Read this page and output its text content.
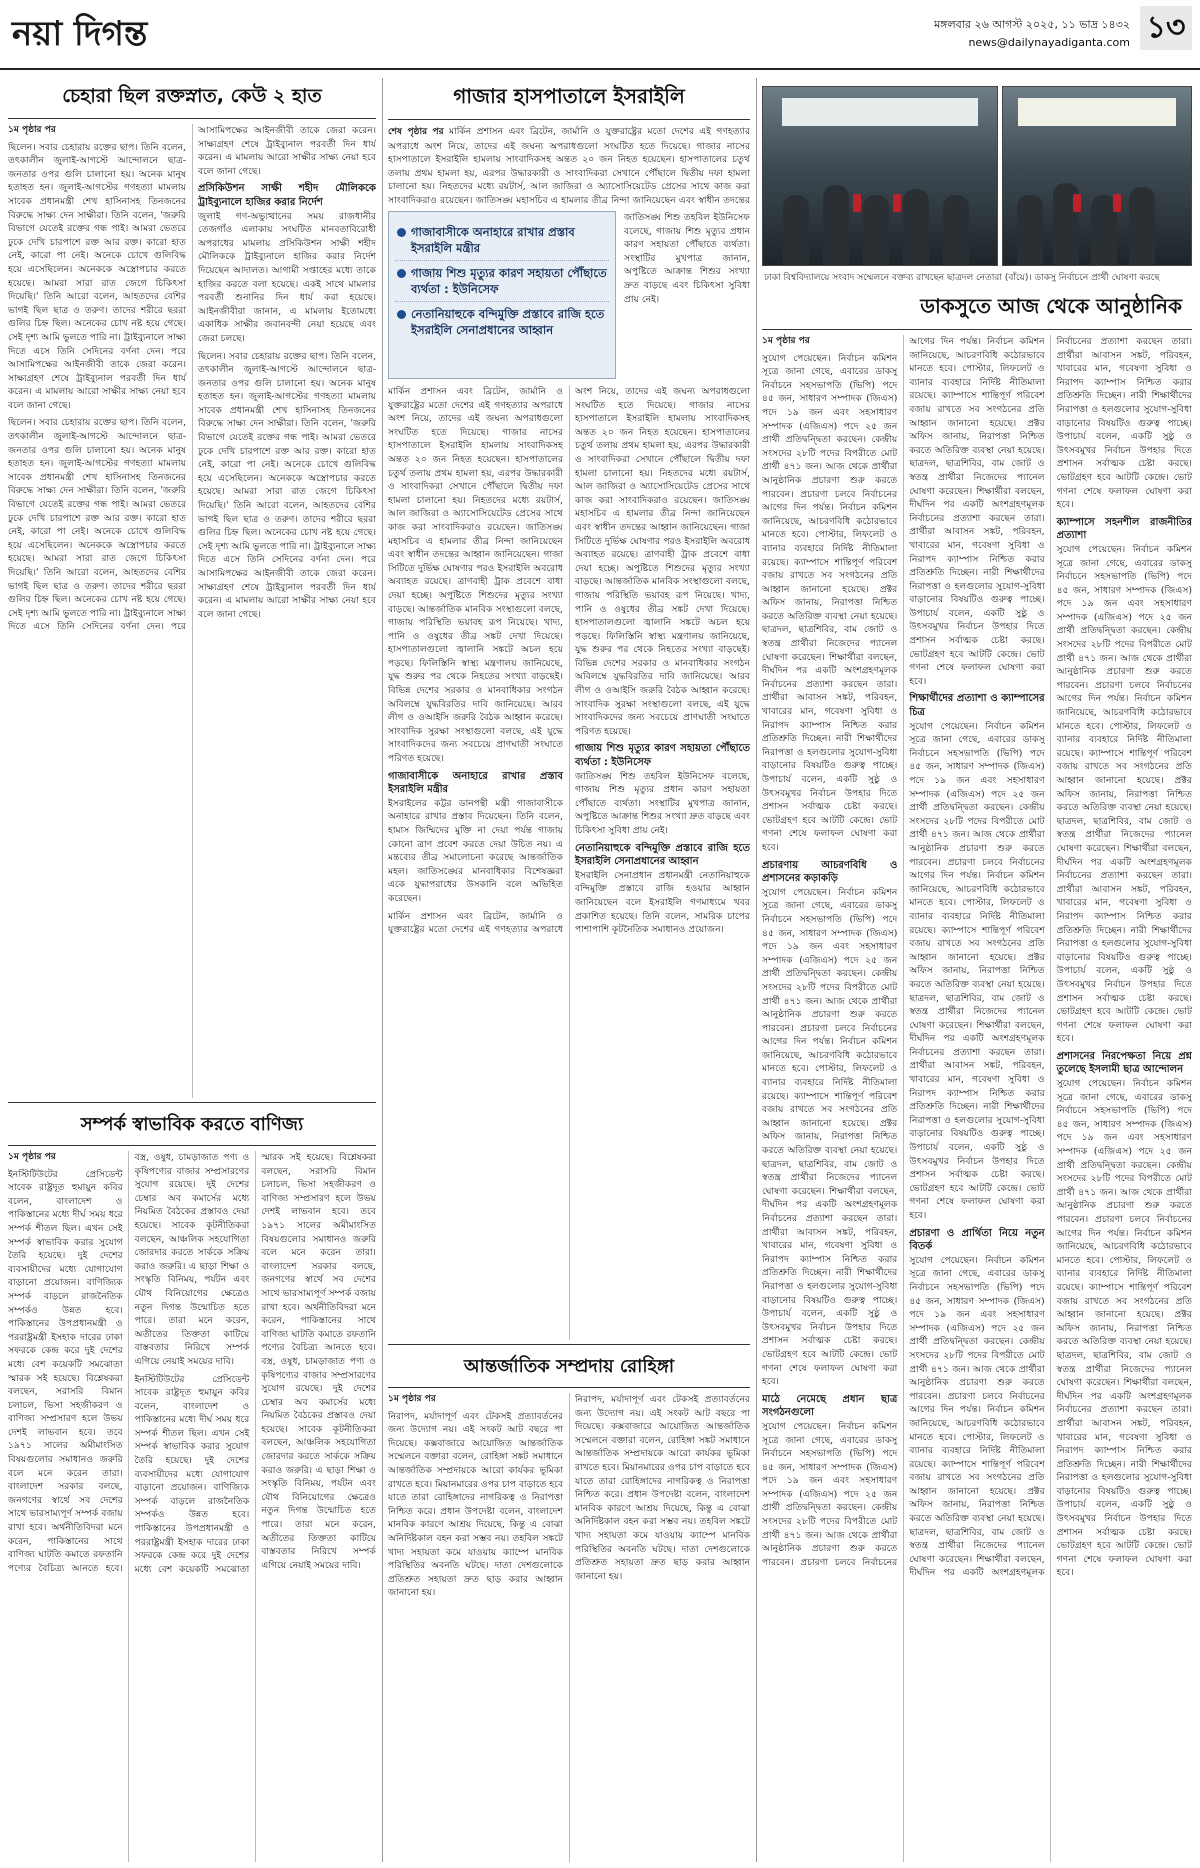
নয়া দিগন্ত	মঙ্গলবার ২৬ আগস্ট ২০২৫, ১১ ভাদ্র ১৪৩২
news@dailynayadiganta.com ১৩
চেহারা ছিল রক্তস্নাত, কেউ ২ হাত
১ম পৃষ্ঠার পর

ছিলেন। সবার চেহারায় রক্তের ছাপ। তিনি বলেন, তৎকালীন জুলাই-আগস্টে আন্দোলনে ছাত্র-জনতার ওপর গুলি চালানো হয়। অনেক মানুষ হতাহত হন। জুলাই-আগস্টের গণহত্যা মামলায় সাবেক প্রধানমন্ত্রী শেখ হাসিনাসহ তিনজনের বিরুদ্ধে সাক্ষ্য দেন সাক্ষীরা। তিনি বলেন, 'জরুরি বিভাগে যেতেই রক্তের গন্ধ পাই। আমরা ভেতরে ঢুকে দেখি চারপাশে রক্ত আর রক্ত। কারো হাত নেই, কারো পা নেই। অনেকে চোখে গুলিবিদ্ধ হয়ে এসেছিলেন। অনেককে অস্ত্রোপচার করতে হয়েছে। আমরা সারা রাত জেগে চিকিৎসা দিয়েছি।' তিনি আরো বলেন, আহতদের বেশির ভাগই ছিল ছাত্র ও তরুণ। তাদের শরীরে ছররা গুলির চিহ্ন ছিল। অনেকের চোখ নষ্ট হয়ে গেছে। সেই দৃশ্য আমি ভুলতে পারি না। ট্রাইব্যুনালে সাক্ষ্য দিতে এসে তিনি সেদিনের বর্ণনা দেন। পরে আসামিপক্ষের আইনজীবী তাকে জেরা করেন। সাক্ষ্যগ্রহণ শেষে ট্রাইব্যুনাল পরবর্তী দিন ধার্য করেন। এ মামলায় আরো সাক্ষীর সাক্ষ্য নেয়া হবে বলে জানা গেছে।

ছিলেন। সবার চেহারায় রক্তের ছাপ। তিনি বলেন, তৎকালীন জুলাই-আগস্টে আন্দোলনে ছাত্র-জনতার ওপর গুলি চালানো হয়। অনেক মানুষ হতাহত হন। জুলাই-আগস্টের গণহত্যা মামলায় সাবেক প্রধানমন্ত্রী শেখ হাসিনাসহ তিনজনের বিরুদ্ধে সাক্ষ্য দেন সাক্ষীরা। তিনি বলেন, 'জরুরি বিভাগে যেতেই রক্তের গন্ধ পাই। আমরা ভেতরে ঢুকে দেখি চারপাশে রক্ত আর রক্ত। কারো হাত নেই, কারো পা নেই। অনেকে চোখে গুলিবিদ্ধ হয়ে এসেছিলেন। অনেককে অস্ত্রোপচার করতে হয়েছে। আমরা সারা রাত জেগে চিকিৎসা দিয়েছি।' তিনি আরো বলেন, আহতদের বেশির ভাগই ছিল ছাত্র ও তরুণ। তাদের শরীরে ছররা গুলির চিহ্ন ছিল। অনেকের চোখ নষ্ট হয়ে গেছে। সেই দৃশ্য আমি ভুলতে পারি না। ট্রাইব্যুনালে সাক্ষ্য দিতে এসে তিনি সেদিনের বর্ণনা দেন। পরে আসামিপক্ষের আইনজীবী তাকে জেরা করেন। সাক্ষ্যগ্রহণ শেষে ট্রাইব্যুনাল পরবর্তী দিন ধার্য করেন। এ মামলায় আরো সাক্ষীর সাক্ষ্য নেয়া হবে বলে জানা গেছে।

প্রসিকিউশন সাক্ষী শহীদ মৌলিককে ট্রাইব্যুনালে হাজির করার নির্দেশ

জুলাই গণ-অভ্যুত্থানের সময় রাজধানীর তেজগাঁও এলাকায় সংঘটিত মানবতাবিরোধী অপরাধের মামলায় প্রসিকিউশন সাক্ষী শহীদ মৌলিককে ট্রাইব্যুনালে হাজির করার নির্দেশ দিয়েছেন আদালত। আগামী সপ্তাহের মধ্যে তাকে হাজির করতে বলা হয়েছে। একই সাথে মামলার পরবর্তী শুনানির দিন ধার্য করা হয়েছে। আইনজীবীরা জানান, এ মামলায় ইতোমধ্যে একাধিক সাক্ষীর জবানবন্দী নেয়া হয়েছে এবং জেরা চলছে।

ছিলেন। সবার চেহারায় রক্তের ছাপ। তিনি বলেন, তৎকালীন জুলাই-আগস্টে আন্দোলনে ছাত্র-জনতার ওপর গুলি চালানো হয়। অনেক মানুষ হতাহত হন। জুলাই-আগস্টের গণহত্যা মামলায় সাবেক প্রধানমন্ত্রী শেখ হাসিনাসহ তিনজনের বিরুদ্ধে সাক্ষ্য দেন সাক্ষীরা। তিনি বলেন, 'জরুরি বিভাগে যেতেই রক্তের গন্ধ পাই। আমরা ভেতরে ঢুকে দেখি চারপাশে রক্ত আর রক্ত। কারো হাত নেই, কারো পা নেই। অনেকে চোখে গুলিবিদ্ধ হয়ে এসেছিলেন। অনেককে অস্ত্রোপচার করতে হয়েছে। আমরা সারা রাত জেগে চিকিৎসা দিয়েছি।' তিনি আরো বলেন, আহতদের বেশির ভাগই ছিল ছাত্র ও তরুণ। তাদের শরীরে ছররা গুলির চিহ্ন ছিল। অনেকের চোখ নষ্ট হয়ে গেছে। সেই দৃশ্য আমি ভুলতে পারি না। ট্রাইব্যুনালে সাক্ষ্য দিতে এসে তিনি সেদিনের বর্ণনা দেন। পরে আসামিপক্ষের আইনজীবী তাকে জেরা করেন। সাক্ষ্যগ্রহণ শেষে ট্রাইব্যুনাল পরবর্তী দিন ধার্য করেন। এ মামলায় আরো সাক্ষীর সাক্ষ্য নেয়া হবে বলে জানা গেছে।

সম্পর্ক স্বাভাবিক করতে বাণিজ্য
১ম পৃষ্ঠার পর

ইনস্টিটিউটের প্রেসিডেন্ট সাবেক রাষ্ট্রদূত হুমায়ুন কবির বলেন, বাংলাদেশ ও পাকিস্তানের মধ্যে দীর্ঘ সময় ধরে সম্পর্ক শীতল ছিল। এখন সেই সম্পর্ক স্বাভাবিক করার সুযোগ তৈরি হয়েছে। দুই দেশের ব্যবসায়ীদের মধ্যে যোগাযোগ বাড়ানো প্রয়োজন। বাণিজ্যিক সম্পর্ক বাড়লে রাজনৈতিক সম্পর্কও উন্নত হবে। পাকিস্তানের উপপ্রধানমন্ত্রী ও পররাষ্ট্রমন্ত্রী ইসহাক দারের ঢাকা সফরকে কেন্দ্র করে দুই দেশের মধ্যে বেশ কয়েকটি সমঝোতা স্মারক সই হয়েছে। বিশ্লেষকরা বলছেন, সরাসরি বিমান চলাচল, ভিসা সহজীকরণ ও বাণিজ্য সম্প্রসারণ হলে উভয় দেশই লাভবান হবে। তবে ১৯৭১ সালের অমীমাংসিত বিষয়গুলোর সমাধানও জরুরি বলে মনে করেন তারা। বাংলাদেশ সরকার বলছে, জনগণের স্বার্থে সব দেশের সাথে ভারসাম্যপূর্ণ সম্পর্ক বজায় রাখা হবে। অর্থনীতিবিদরা মনে করেন, পাকিস্তানের সাথে বাণিজ্য ঘাটতি কমাতে রফতানি পণ্যের বৈচিত্র্য আনতে হবে। বস্ত্র, ওষুধ, চামড়াজাত পণ্য ও কৃষিপণ্যের বাজার সম্প্রসারণের সুযোগ রয়েছে। দুই দেশের চেম্বার অব কমার্সের মধ্যে নিয়মিত বৈঠকের প্রস্তাবও দেয়া হয়েছে। সাবেক কূটনীতিকরা বলছেন, আঞ্চলিক সহযোগিতা জোরদার করতে সার্ককে সক্রিয় করাও জরুরি। এ ছাড়া শিক্ষা ও সংস্কৃতি বিনিময়, পর্যটন এবং যৌথ বিনিয়োগের ক্ষেত্রেও নতুন দিগন্ত উন্মোচিত হতে পারে। তারা মনে করেন, অতীতের তিক্ততা কাটিয়ে বাস্তবতার নিরিখে সম্পর্ক এগিয়ে নেয়াই সময়ের দাবি।

ইনস্টিটিউটের প্রেসিডেন্ট সাবেক রাষ্ট্রদূত হুমায়ুন কবির বলেন, বাংলাদেশ ও পাকিস্তানের মধ্যে দীর্ঘ সময় ধরে সম্পর্ক শীতল ছিল। এখন সেই সম্পর্ক স্বাভাবিক করার সুযোগ তৈরি হয়েছে। দুই দেশের ব্যবসায়ীদের মধ্যে যোগাযোগ বাড়ানো প্রয়োজন। বাণিজ্যিক সম্পর্ক বাড়লে রাজনৈতিক সম্পর্কও উন্নত হবে। পাকিস্তানের উপপ্রধানমন্ত্রী ও পররাষ্ট্রমন্ত্রী ইসহাক দারের ঢাকা সফরকে কেন্দ্র করে দুই দেশের মধ্যে বেশ কয়েকটি সমঝোতা স্মারক সই হয়েছে। বিশ্লেষকরা বলছেন, সরাসরি বিমান চলাচল, ভিসা সহজীকরণ ও বাণিজ্য সম্প্রসারণ হলে উভয় দেশই লাভবান হবে। তবে ১৯৭১ সালের অমীমাংসিত বিষয়গুলোর সমাধানও জরুরি বলে মনে করেন তারা। বাংলাদেশ সরকার বলছে, জনগণের স্বার্থে সব দেশের সাথে ভারসাম্যপূর্ণ সম্পর্ক বজায় রাখা হবে। অর্থনীতিবিদরা মনে করেন, পাকিস্তানের সাথে বাণিজ্য ঘাটতি কমাতে রফতানি পণ্যের বৈচিত্র্য আনতে হবে। বস্ত্র, ওষুধ, চামড়াজাত পণ্য ও কৃষিপণ্যের বাজার সম্প্রসারণের সুযোগ রয়েছে। দুই দেশের চেম্বার অব কমার্সের মধ্যে নিয়মিত বৈঠকের প্রস্তাবও দেয়া হয়েছে। সাবেক কূটনীতিকরা বলছেন, আঞ্চলিক সহযোগিতা জোরদার করতে সার্ককে সক্রিয় করাও জরুরি। এ ছাড়া শিক্ষা ও সংস্কৃতি বিনিময়, পর্যটন এবং যৌথ বিনিয়োগের ক্ষেত্রেও নতুন দিগন্ত উন্মোচিত হতে পারে। তারা মনে করেন, অতীতের তিক্ততা কাটিয়ে বাস্তবতার নিরিখে সম্পর্ক এগিয়ে নেয়াই সময়ের দাবি।

গাজার হাসপাতালে ইসরাইলি
শেষ পৃষ্ঠার পর মার্কিন প্রশাসন এবং ব্রিটেন, জার্মানি ও যুক্তরাষ্ট্রের মতো দেশের এই গণহত্যার অপরাধে অংশ নিয়ে, তাদের এই জঘন্য অপরাধগুলো সংঘটিত হতে দিয়েছে। গাজার নাসের হাসপাতালে ইসরাইলি হামলায় সাংবাদিকসহ অন্তত ২০ জন নিহত হয়েছেন। হাসপাতালের চতুর্থ তলায় প্রথম হামলা হয়, এরপর উদ্ধারকারী ও সাংবাদিকরা সেখানে পৌঁছালে দ্বিতীয় দফা হামলা চালানো হয়। নিহতদের মধ্যে রয়টার্স, আল জাজিরা ও অ্যাসোসিয়েটেড প্রেসের সাথে কাজ করা সাংবাদিকরাও রয়েছেন। জাতিসঙ্ঘ মহাসচিব এ হামলার তীব্র নিন্দা জানিয়েছেন এবং স্বাধীন তদন্তের
গাজাবাসীকে অনাহারে রাখার প্রস্তাব ইসরাইলি মন্ত্রীর
গাজায় শিশু মৃত্যুর কারণ সহায়তা পৌঁছাতে ব্যর্থতা : ইউনিসেফ
নেতানিয়াহুকে বন্দিমুক্তি প্রস্তাবে রাজি হতে ইসরাইলি সেনাপ্রধানের আহ্বান
জাতিসঙ্ঘ শিশু তহবিল ইউনিসেফ বলেছে, গাজায় শিশু মৃত্যুর প্রধান কারণ সহায়তা পৌঁছাতে ব্যর্থতা। সংস্থাটির মুখপাত্র জানান, অপুষ্টিতে আক্রান্ত শিশুর সংখ্যা দ্রুত বাড়ছে এবং চিকিৎসা সুবিধা প্রায় নেই।

মার্কিন প্রশাসন এবং ব্রিটেন, জার্মানি ও যুক্তরাষ্ট্রের মতো দেশের এই গণহত্যার অপরাধে অংশ নিয়ে, তাদের এই জঘন্য অপরাধগুলো সংঘটিত হতে দিয়েছে। গাজার নাসের হাসপাতালে ইসরাইলি হামলায় সাংবাদিকসহ অন্তত ২০ জন নিহত হয়েছেন। হাসপাতালের চতুর্থ তলায় প্রথম হামলা হয়, এরপর উদ্ধারকারী ও সাংবাদিকরা সেখানে পৌঁছালে দ্বিতীয় দফা হামলা চালানো হয়। নিহতদের মধ্যে রয়টার্স, আল জাজিরা ও অ্যাসোসিয়েটেড প্রেসের সাথে কাজ করা সাংবাদিকরাও রয়েছেন। জাতিসঙ্ঘ মহাসচিব এ হামলার তীব্র নিন্দা জানিয়েছেন এবং স্বাধীন তদন্তের আহ্বান জানিয়েছেন। গাজা সিটিতে দুর্ভিক্ষ ঘোষণার পরও ইসরাইলি অবরোধ অব্যাহত রয়েছে। ত্রাণবাহী ট্রাক প্রবেশে বাধা দেয়া হচ্ছে। অপুষ্টিতে শিশুদের মৃত্যুর সংখ্যা বাড়ছে। আন্তর্জাতিক মানবিক সংস্থাগুলো বলছে, গাজায় পরিস্থিতি ভয়াবহ রূপ নিয়েছে। খাদ্য, পানি ও ওষুধের তীব্র সঙ্কট দেখা দিয়েছে। হাসপাতালগুলো জ্বালানি সঙ্কটে অচল হয়ে পড়ছে। ফিলিস্তিনি স্বাস্থ্য মন্ত্রণালয় জানিয়েছে, যুদ্ধ শুরুর পর থেকে নিহতের সংখ্যা বাড়ছেই। বিভিন্ন দেশের সরকার ও মানবাধিকার সংগঠন অবিলম্বে যুদ্ধবিরতির দাবি জানিয়েছে। আরব লীগ ও ওআইসি জরুরি বৈঠক আহ্বান করেছে। সাংবাদিক সুরক্ষা সংস্থাগুলো বলছে, এই যুদ্ধে সাংবাদিকদের জন্য সবচেয়ে প্রাণঘাতী সংঘাতে পরিণত হয়েছে।

গাজাবাসীকে অনাহারে রাখার প্রস্তাব ইসরাইলি মন্ত্রীর

ইসরাইলের কট্টর ডানপন্থী মন্ত্রী গাজাবাসীকে অনাহারে রাখার প্রস্তাব দিয়েছেন। তিনি বলেন, হামাস জিম্মিদের মুক্তি না দেয়া পর্যন্ত গাজায় কোনো ত্রাণ প্রবেশ করতে দেয়া উচিত নয়। এ মন্তব্যের তীব্র সমালোচনা করেছে আন্তর্জাতিক মহল। জাতিসঙ্ঘের মানবাধিকার বিশেষজ্ঞরা একে যুদ্ধাপরাধের উসকানি বলে অভিহিত করেছেন।

মার্কিন প্রশাসন এবং ব্রিটেন, জার্মানি ও যুক্তরাষ্ট্রের মতো দেশের এই গণহত্যার অপরাধে অংশ নিয়ে, তাদের এই জঘন্য অপরাধগুলো সংঘটিত হতে দিয়েছে। গাজার নাসের হাসপাতালে ইসরাইলি হামলায় সাংবাদিকসহ অন্তত ২০ জন নিহত হয়েছেন। হাসপাতালের চতুর্থ তলায় প্রথম হামলা হয়, এরপর উদ্ধারকারী ও সাংবাদিকরা সেখানে পৌঁছালে দ্বিতীয় দফা হামলা চালানো হয়। নিহতদের মধ্যে রয়টার্স, আল জাজিরা ও অ্যাসোসিয়েটেড প্রেসের সাথে কাজ করা সাংবাদিকরাও রয়েছেন। জাতিসঙ্ঘ মহাসচিব এ হামলার তীব্র নিন্দা জানিয়েছেন এবং স্বাধীন তদন্তের আহ্বান জানিয়েছেন। গাজা সিটিতে দুর্ভিক্ষ ঘোষণার পরও ইসরাইলি অবরোধ অব্যাহত রয়েছে। ত্রাণবাহী ট্রাক প্রবেশে বাধা দেয়া হচ্ছে। অপুষ্টিতে শিশুদের মৃত্যুর সংখ্যা বাড়ছে। আন্তর্জাতিক মানবিক সংস্থাগুলো বলছে, গাজায় পরিস্থিতি ভয়াবহ রূপ নিয়েছে। খাদ্য, পানি ও ওষুধের তীব্র সঙ্কট দেখা দিয়েছে। হাসপাতালগুলো জ্বালানি সঙ্কটে অচল হয়ে পড়ছে। ফিলিস্তিনি স্বাস্থ্য মন্ত্রণালয় জানিয়েছে, যুদ্ধ শুরুর পর থেকে নিহতের সংখ্যা বাড়ছেই। বিভিন্ন দেশের সরকার ও মানবাধিকার সংগঠন অবিলম্বে যুদ্ধবিরতির দাবি জানিয়েছে। আরব লীগ ও ওআইসি জরুরি বৈঠক আহ্বান করেছে। সাংবাদিক সুরক্ষা সংস্থাগুলো বলছে, এই যুদ্ধে সাংবাদিকদের জন্য সবচেয়ে প্রাণঘাতী সংঘাতে পরিণত হয়েছে।

গাজায় শিশু মৃত্যুর কারণ সহায়তা পৌঁছাতে ব্যর্থতা : ইউনিসেফ

জাতিসঙ্ঘ শিশু তহবিল ইউনিসেফ বলেছে, গাজায় শিশু মৃত্যুর প্রধান কারণ সহায়তা পৌঁছাতে ব্যর্থতা। সংস্থাটির মুখপাত্র জানান, অপুষ্টিতে আক্রান্ত শিশুর সংখ্যা দ্রুত বাড়ছে এবং চিকিৎসা সুবিধা প্রায় নেই।

নেতানিয়াহুকে বন্দিমুক্তি প্রস্তাবে রাজি হতে ইসরাইলি সেনাপ্রধানের আহ্বান

ইসরাইলি সেনাপ্রধান প্রধানমন্ত্রী নেতানিয়াহুকে বন্দিমুক্তি প্রস্তাবে রাজি হওয়ার আহ্বান জানিয়েছেন বলে ইসরাইলি গণমাধ্যমে খবর প্রকাশিত হয়েছে। তিনি বলেন, সামরিক চাপের পাশাপাশি কূটনৈতিক সমাধানও প্রয়োজন।

আন্তর্জাতিক সম্প্রদায় রোহিঙ্গা
১ম পৃষ্ঠার পর

নিরাপদ, মর্যাদাপূর্ণ এবং টেকসই প্রত্যাবর্তনের জন্য উদ্যোগ নয়। এই সংকট আট বছরে পা দিয়েছে। কক্সবাজারে আয়োজিত আন্তর্জাতিক সম্মেলনে বক্তারা বলেন, রোহিঙ্গা সঙ্কট সমাধানে আন্তর্জাতিক সম্প্রদায়কে আরো কার্যকর ভূমিকা রাখতে হবে। মিয়ানমারের ওপর চাপ বাড়াতে হবে যাতে তারা রোহিঙ্গাদের নাগরিকত্ব ও নিরাপত্তা নিশ্চিত করে। প্রধান উপদেষ্টা বলেন, বাংলাদেশ মানবিক কারণে আশ্রয় দিয়েছে, কিন্তু এ বোঝা অনির্দিষ্টকাল বহন করা সম্ভব নয়। তহবিল সঙ্কটে খাদ্য সহায়তা কমে যাওয়ায় ক্যাম্পে মানবিক পরিস্থিতির অবনতি ঘটছে। দাতা দেশগুলোকে প্রতিশ্রুত সহায়তা দ্রুত ছাড় করার আহ্বান জানানো হয়।

নিরাপদ, মর্যাদাপূর্ণ এবং টেকসই প্রত্যাবর্তনের জন্য উদ্যোগ নয়। এই সংকট আট বছরে পা দিয়েছে। কক্সবাজারে আয়োজিত আন্তর্জাতিক সম্মেলনে বক্তারা বলেন, রোহিঙ্গা সঙ্কট সমাধানে আন্তর্জাতিক সম্প্রদায়কে আরো কার্যকর ভূমিকা রাখতে হবে। মিয়ানমারের ওপর চাপ বাড়াতে হবে যাতে তারা রোহিঙ্গাদের নাগরিকত্ব ও নিরাপত্তা নিশ্চিত করে। প্রধান উপদেষ্টা বলেন, বাংলাদেশ মানবিক কারণে আশ্রয় দিয়েছে, কিন্তু এ বোঝা অনির্দিষ্টকাল বহন করা সম্ভব নয়। তহবিল সঙ্কটে খাদ্য সহায়তা কমে যাওয়ায় ক্যাম্পে মানবিক পরিস্থিতির অবনতি ঘটছে। দাতা দেশগুলোকে প্রতিশ্রুত সহায়তা দ্রুত ছাড় করার আহ্বান জানানো হয়।

ঢাকা বিশ্ববিদ্যালয়ে সংবাদ সম্মেলনে বক্তব্য রাখছেন ছাত্রদল নেতারা (বাঁয়ে)। ডাকসু নির্বাচনে প্রার্থী ঘোষণা করছে
ডাকসুতে আজ থেকে আনুষ্ঠানিক
১ম পৃষ্ঠার পর

সুযোগ পেয়েছেন। নির্বাচন কমিশন সূত্রে জানা গেছে, এবারের ডাকসু নির্বাচনে সহসভাপতি (ভিপি) পদে ৪৫ জন, সাধারণ সম্পাদক (জিএস) পদে ১৯ জন এবং সহসাধারণ সম্পাদক (এজিএস) পদে ২৫ জন প্রার্থী প্রতিদ্বন্দ্বিতা করছেন। কেন্দ্রীয় সংসদের ২৮টি পদের বিপরীতে মোট প্রার্থী ৪৭১ জন। আজ থেকে প্রার্থীরা আনুষ্ঠানিক প্রচারণা শুরু করতে পারবেন। প্রচারণা চলবে নির্বাচনের আগের দিন পর্যন্ত। নির্বাচন কমিশন জানিয়েছে, আচরণবিধি কঠোরভাবে মানতে হবে। পোস্টার, লিফলেট ও ব্যানার ব্যবহারে নির্দিষ্ট নীতিমালা রয়েছে। ক্যাম্পাসে শান্তিপূর্ণ পরিবেশ বজায় রাখতে সব সংগঠনের প্রতি আহ্বান জানানো হয়েছে। প্রক্টর অফিস জানায়, নিরাপত্তা নিশ্চিত করতে অতিরিক্ত ব্যবস্থা নেয়া হয়েছে। ছাত্রদল, ছাত্রশিবির, বাম জোট ও স্বতন্ত্র প্রার্থীরা নিজেদের প্যানেল ঘোষণা করেছেন। শিক্ষার্থীরা বলছেন, দীর্ঘদিন পর একটি অংশগ্রহণমূলক নির্বাচনের প্রত্যাশা করছেন তারা। প্রার্থীরা আবাসন সঙ্কট, পরিবহন, খাবারের মান, গবেষণা সুবিধা ও নিরাপদ ক্যাম্পাস নিশ্চিত করার প্রতিশ্রুতি দিচ্ছেন। নারী শিক্ষার্থীদের নিরাপত্তা ও হলগুলোর সুযোগ-সুবিধা বাড়ানোর বিষয়টিও গুরুত্ব পাচ্ছে। উপাচার্য বলেন, একটি সুষ্ঠু ও উৎসবমুখর নির্বাচন উপহার দিতে প্রশাসন সর্বাত্মক চেষ্টা করছে। ভোটগ্রহণ হবে আটটি কেন্দ্রে। ভোট গণনা শেষে ফলাফল ঘোষণা করা হবে।

প্রচারণায় আচরণবিধি ও প্রশাসনের কড়াকড়ি

সুযোগ পেয়েছেন। নির্বাচন কমিশন সূত্রে জানা গেছে, এবারের ডাকসু নির্বাচনে সহসভাপতি (ভিপি) পদে ৪৫ জন, সাধারণ সম্পাদক (জিএস) পদে ১৯ জন এবং সহসাধারণ সম্পাদক (এজিএস) পদে ২৫ জন প্রার্থী প্রতিদ্বন্দ্বিতা করছেন। কেন্দ্রীয় সংসদের ২৮টি পদের বিপরীতে মোট প্রার্থী ৪৭১ জন। আজ থেকে প্রার্থীরা আনুষ্ঠানিক প্রচারণা শুরু করতে পারবেন। প্রচারণা চলবে নির্বাচনের আগের দিন পর্যন্ত। নির্বাচন কমিশন জানিয়েছে, আচরণবিধি কঠোরভাবে মানতে হবে। পোস্টার, লিফলেট ও ব্যানার ব্যবহারে নির্দিষ্ট নীতিমালা রয়েছে। ক্যাম্পাসে শান্তিপূর্ণ পরিবেশ বজায় রাখতে সব সংগঠনের প্রতি আহ্বান জানানো হয়েছে। প্রক্টর অফিস জানায়, নিরাপত্তা নিশ্চিত করতে অতিরিক্ত ব্যবস্থা নেয়া হয়েছে। ছাত্রদল, ছাত্রশিবির, বাম জোট ও স্বতন্ত্র প্রার্থীরা নিজেদের প্যানেল ঘোষণা করেছেন। শিক্ষার্থীরা বলছেন, দীর্ঘদিন পর একটি অংশগ্রহণমূলক নির্বাচনের প্রত্যাশা করছেন তারা। প্রার্থীরা আবাসন সঙ্কট, পরিবহন, খাবারের মান, গবেষণা সুবিধা ও নিরাপদ ক্যাম্পাস নিশ্চিত করার প্রতিশ্রুতি দিচ্ছেন। নারী শিক্ষার্থীদের নিরাপত্তা ও হলগুলোর সুযোগ-সুবিধা বাড়ানোর বিষয়টিও গুরুত্ব পাচ্ছে। উপাচার্য বলেন, একটি সুষ্ঠু ও উৎসবমুখর নির্বাচন উপহার দিতে প্রশাসন সর্বাত্মক চেষ্টা করছে। ভোটগ্রহণ হবে আটটি কেন্দ্রে। ভোট গণনা শেষে ফলাফল ঘোষণা করা হবে।

মাঠে নেমেছে প্রধান ছাত্র সংগঠনগুলো

সুযোগ পেয়েছেন। নির্বাচন কমিশন সূত্রে জানা গেছে, এবারের ডাকসু নির্বাচনে সহসভাপতি (ভিপি) পদে ৪৫ জন, সাধারণ সম্পাদক (জিএস) পদে ১৯ জন এবং সহসাধারণ সম্পাদক (এজিএস) পদে ২৫ জন প্রার্থী প্রতিদ্বন্দ্বিতা করছেন। কেন্দ্রীয় সংসদের ২৮টি পদের বিপরীতে মোট প্রার্থী ৪৭১ জন। আজ থেকে প্রার্থীরা আনুষ্ঠানিক প্রচারণা শুরু করতে পারবেন। প্রচারণা চলবে নির্বাচনের আগের দিন পর্যন্ত। নির্বাচন কমিশন জানিয়েছে, আচরণবিধি কঠোরভাবে মানতে হবে। পোস্টার, লিফলেট ও ব্যানার ব্যবহারে নির্দিষ্ট নীতিমালা রয়েছে। ক্যাম্পাসে শান্তিপূর্ণ পরিবেশ বজায় রাখতে সব সংগঠনের প্রতি আহ্বান জানানো হয়েছে। প্রক্টর অফিস জানায়, নিরাপত্তা নিশ্চিত করতে অতিরিক্ত ব্যবস্থা নেয়া হয়েছে। ছাত্রদল, ছাত্রশিবির, বাম জোট ও স্বতন্ত্র প্রার্থীরা নিজেদের প্যানেল ঘোষণা করেছেন। শিক্ষার্থীরা বলছেন, দীর্ঘদিন পর একটি অংশগ্রহণমূলক নির্বাচনের প্রত্যাশা করছেন তারা। প্রার্থীরা আবাসন সঙ্কট, পরিবহন, খাবারের মান, গবেষণা সুবিধা ও নিরাপদ ক্যাম্পাস নিশ্চিত করার প্রতিশ্রুতি দিচ্ছেন। নারী শিক্ষার্থীদের নিরাপত্তা ও হলগুলোর সুযোগ-সুবিধা বাড়ানোর বিষয়টিও গুরুত্ব পাচ্ছে। উপাচার্য বলেন, একটি সুষ্ঠু ও উৎসবমুখর নির্বাচন উপহার দিতে প্রশাসন সর্বাত্মক চেষ্টা করছে। ভোটগ্রহণ হবে আটটি কেন্দ্রে। ভোট গণনা শেষে ফলাফল ঘোষণা করা হবে।

শিক্ষার্থীদের প্রত্যাশা ও ক্যাম্পাসের চিত্র

সুযোগ পেয়েছেন। নির্বাচন কমিশন সূত্রে জানা গেছে, এবারের ডাকসু নির্বাচনে সহসভাপতি (ভিপি) পদে ৪৫ জন, সাধারণ সম্পাদক (জিএস) পদে ১৯ জন এবং সহসাধারণ সম্পাদক (এজিএস) পদে ২৫ জন প্রার্থী প্রতিদ্বন্দ্বিতা করছেন। কেন্দ্রীয় সংসদের ২৮টি পদের বিপরীতে মোট প্রার্থী ৪৭১ জন। আজ থেকে প্রার্থীরা আনুষ্ঠানিক প্রচারণা শুরু করতে পারবেন। প্রচারণা চলবে নির্বাচনের আগের দিন পর্যন্ত। নির্বাচন কমিশন জানিয়েছে, আচরণবিধি কঠোরভাবে মানতে হবে। পোস্টার, লিফলেট ও ব্যানার ব্যবহারে নির্দিষ্ট নীতিমালা রয়েছে। ক্যাম্পাসে শান্তিপূর্ণ পরিবেশ বজায় রাখতে সব সংগঠনের প্রতি আহ্বান জানানো হয়েছে। প্রক্টর অফিস জানায়, নিরাপত্তা নিশ্চিত করতে অতিরিক্ত ব্যবস্থা নেয়া হয়েছে। ছাত্রদল, ছাত্রশিবির, বাম জোট ও স্বতন্ত্র প্রার্থীরা নিজেদের প্যানেল ঘোষণা করেছেন। শিক্ষার্থীরা বলছেন, দীর্ঘদিন পর একটি অংশগ্রহণমূলক নির্বাচনের প্রত্যাশা করছেন তারা। প্রার্থীরা আবাসন সঙ্কট, পরিবহন, খাবারের মান, গবেষণা সুবিধা ও নিরাপদ ক্যাম্পাস নিশ্চিত করার প্রতিশ্রুতি দিচ্ছেন। নারী শিক্ষার্থীদের নিরাপত্তা ও হলগুলোর সুযোগ-সুবিধা বাড়ানোর বিষয়টিও গুরুত্ব পাচ্ছে। উপাচার্য বলেন, একটি সুষ্ঠু ও উৎসবমুখর নির্বাচন উপহার দিতে প্রশাসন সর্বাত্মক চেষ্টা করছে। ভোটগ্রহণ হবে আটটি কেন্দ্রে। ভোট গণনা শেষে ফলাফল ঘোষণা করা হবে।

প্রচারণা ও প্রার্থিতা নিয়ে নতুন বিতর্ক

সুযোগ পেয়েছেন। নির্বাচন কমিশন সূত্রে জানা গেছে, এবারের ডাকসু নির্বাচনে সহসভাপতি (ভিপি) পদে ৪৫ জন, সাধারণ সম্পাদক (জিএস) পদে ১৯ জন এবং সহসাধারণ সম্পাদক (এজিএস) পদে ২৫ জন প্রার্থী প্রতিদ্বন্দ্বিতা করছেন। কেন্দ্রীয় সংসদের ২৮টি পদের বিপরীতে মোট প্রার্থী ৪৭১ জন। আজ থেকে প্রার্থীরা আনুষ্ঠানিক প্রচারণা শুরু করতে পারবেন। প্রচারণা চলবে নির্বাচনের আগের দিন পর্যন্ত। নির্বাচন কমিশন জানিয়েছে, আচরণবিধি কঠোরভাবে মানতে হবে। পোস্টার, লিফলেট ও ব্যানার ব্যবহারে নির্দিষ্ট নীতিমালা রয়েছে। ক্যাম্পাসে শান্তিপূর্ণ পরিবেশ বজায় রাখতে সব সংগঠনের প্রতি আহ্বান জানানো হয়েছে। প্রক্টর অফিস জানায়, নিরাপত্তা নিশ্চিত করতে অতিরিক্ত ব্যবস্থা নেয়া হয়েছে। ছাত্রদল, ছাত্রশিবির, বাম জোট ও স্বতন্ত্র প্রার্থীরা নিজেদের প্যানেল ঘোষণা করেছেন। শিক্ষার্থীরা বলছেন, দীর্ঘদিন পর একটি অংশগ্রহণমূলক নির্বাচনের প্রত্যাশা করছেন তারা। প্রার্থীরা আবাসন সঙ্কট, পরিবহন, খাবারের মান, গবেষণা সুবিধা ও নিরাপদ ক্যাম্পাস নিশ্চিত করার প্রতিশ্রুতি দিচ্ছেন। নারী শিক্ষার্থীদের নিরাপত্তা ও হলগুলোর সুযোগ-সুবিধা বাড়ানোর বিষয়টিও গুরুত্ব পাচ্ছে। উপাচার্য বলেন, একটি সুষ্ঠু ও উৎসবমুখর নির্বাচন উপহার দিতে প্রশাসন সর্বাত্মক চেষ্টা করছে। ভোটগ্রহণ হবে আটটি কেন্দ্রে। ভোট গণনা শেষে ফলাফল ঘোষণা করা হবে।

ক্যাম্পাসে সহনশীল রাজনীতির প্রত্যাশা

সুযোগ পেয়েছেন। নির্বাচন কমিশন সূত্রে জানা গেছে, এবারের ডাকসু নির্বাচনে সহসভাপতি (ভিপি) পদে ৪৫ জন, সাধারণ সম্পাদক (জিএস) পদে ১৯ জন এবং সহসাধারণ সম্পাদক (এজিএস) পদে ২৫ জন প্রার্থী প্রতিদ্বন্দ্বিতা করছেন। কেন্দ্রীয় সংসদের ২৮টি পদের বিপরীতে মোট প্রার্থী ৪৭১ জন। আজ থেকে প্রার্থীরা আনুষ্ঠানিক প্রচারণা শুরু করতে পারবেন। প্রচারণা চলবে নির্বাচনের আগের দিন পর্যন্ত। নির্বাচন কমিশন জানিয়েছে, আচরণবিধি কঠোরভাবে মানতে হবে। পোস্টার, লিফলেট ও ব্যানার ব্যবহারে নির্দিষ্ট নীতিমালা রয়েছে। ক্যাম্পাসে শান্তিপূর্ণ পরিবেশ বজায় রাখতে সব সংগঠনের প্রতি আহ্বান জানানো হয়েছে। প্রক্টর অফিস জানায়, নিরাপত্তা নিশ্চিত করতে অতিরিক্ত ব্যবস্থা নেয়া হয়েছে। ছাত্রদল, ছাত্রশিবির, বাম জোট ও স্বতন্ত্র প্রার্থীরা নিজেদের প্যানেল ঘোষণা করেছেন। শিক্ষার্থীরা বলছেন, দীর্ঘদিন পর একটি অংশগ্রহণমূলক নির্বাচনের প্রত্যাশা করছেন তারা। প্রার্থীরা আবাসন সঙ্কট, পরিবহন, খাবারের মান, গবেষণা সুবিধা ও নিরাপদ ক্যাম্পাস নিশ্চিত করার প্রতিশ্রুতি দিচ্ছেন। নারী শিক্ষার্থীদের নিরাপত্তা ও হলগুলোর সুযোগ-সুবিধা বাড়ানোর বিষয়টিও গুরুত্ব পাচ্ছে। উপাচার্য বলেন, একটি সুষ্ঠু ও উৎসবমুখর নির্বাচন উপহার দিতে প্রশাসন সর্বাত্মক চেষ্টা করছে। ভোটগ্রহণ হবে আটটি কেন্দ্রে। ভোট গণনা শেষে ফলাফল ঘোষণা করা হবে।

প্রশাসনের নিরপেক্ষতা নিয়ে প্রশ্ন তুলেছে ইসলামী ছাত্র আন্দোলন

সুযোগ পেয়েছেন। নির্বাচন কমিশন সূত্রে জানা গেছে, এবারের ডাকসু নির্বাচনে সহসভাপতি (ভিপি) পদে ৪৫ জন, সাধারণ সম্পাদক (জিএস) পদে ১৯ জন এবং সহসাধারণ সম্পাদক (এজিএস) পদে ২৫ জন প্রার্থী প্রতিদ্বন্দ্বিতা করছেন। কেন্দ্রীয় সংসদের ২৮টি পদের বিপরীতে মোট প্রার্থী ৪৭১ জন। আজ থেকে প্রার্থীরা আনুষ্ঠানিক প্রচারণা শুরু করতে পারবেন। প্রচারণা চলবে নির্বাচনের আগের দিন পর্যন্ত। নির্বাচন কমিশন জানিয়েছে, আচরণবিধি কঠোরভাবে মানতে হবে। পোস্টার, লিফলেট ও ব্যানার ব্যবহারে নির্দিষ্ট নীতিমালা রয়েছে। ক্যাম্পাসে শান্তিপূর্ণ পরিবেশ বজায় রাখতে সব সংগঠনের প্রতি আহ্বান জানানো হয়েছে। প্রক্টর অফিস জানায়, নিরাপত্তা নিশ্চিত করতে অতিরিক্ত ব্যবস্থা নেয়া হয়েছে। ছাত্রদল, ছাত্রশিবির, বাম জোট ও স্বতন্ত্র প্রার্থীরা নিজেদের প্যানেল ঘোষণা করেছেন। শিক্ষার্থীরা বলছেন, দীর্ঘদিন পর একটি অংশগ্রহণমূলক নির্বাচনের প্রত্যাশা করছেন তারা। প্রার্থীরা আবাসন সঙ্কট, পরিবহন, খাবারের মান, গবেষণা সুবিধা ও নিরাপদ ক্যাম্পাস নিশ্চিত করার প্রতিশ্রুতি দিচ্ছেন। নারী শিক্ষার্থীদের নিরাপত্তা ও হলগুলোর সুযোগ-সুবিধা বাড়ানোর বিষয়টিও গুরুত্ব পাচ্ছে। উপাচার্য বলেন, একটি সুষ্ঠু ও উৎসবমুখর নির্বাচন উপহার দিতে প্রশাসন সর্বাত্মক চেষ্টা করছে। ভোটগ্রহণ হবে আটটি কেন্দ্রে। ভোট গণনা শেষে ফলাফল ঘোষণা করা হবে।
